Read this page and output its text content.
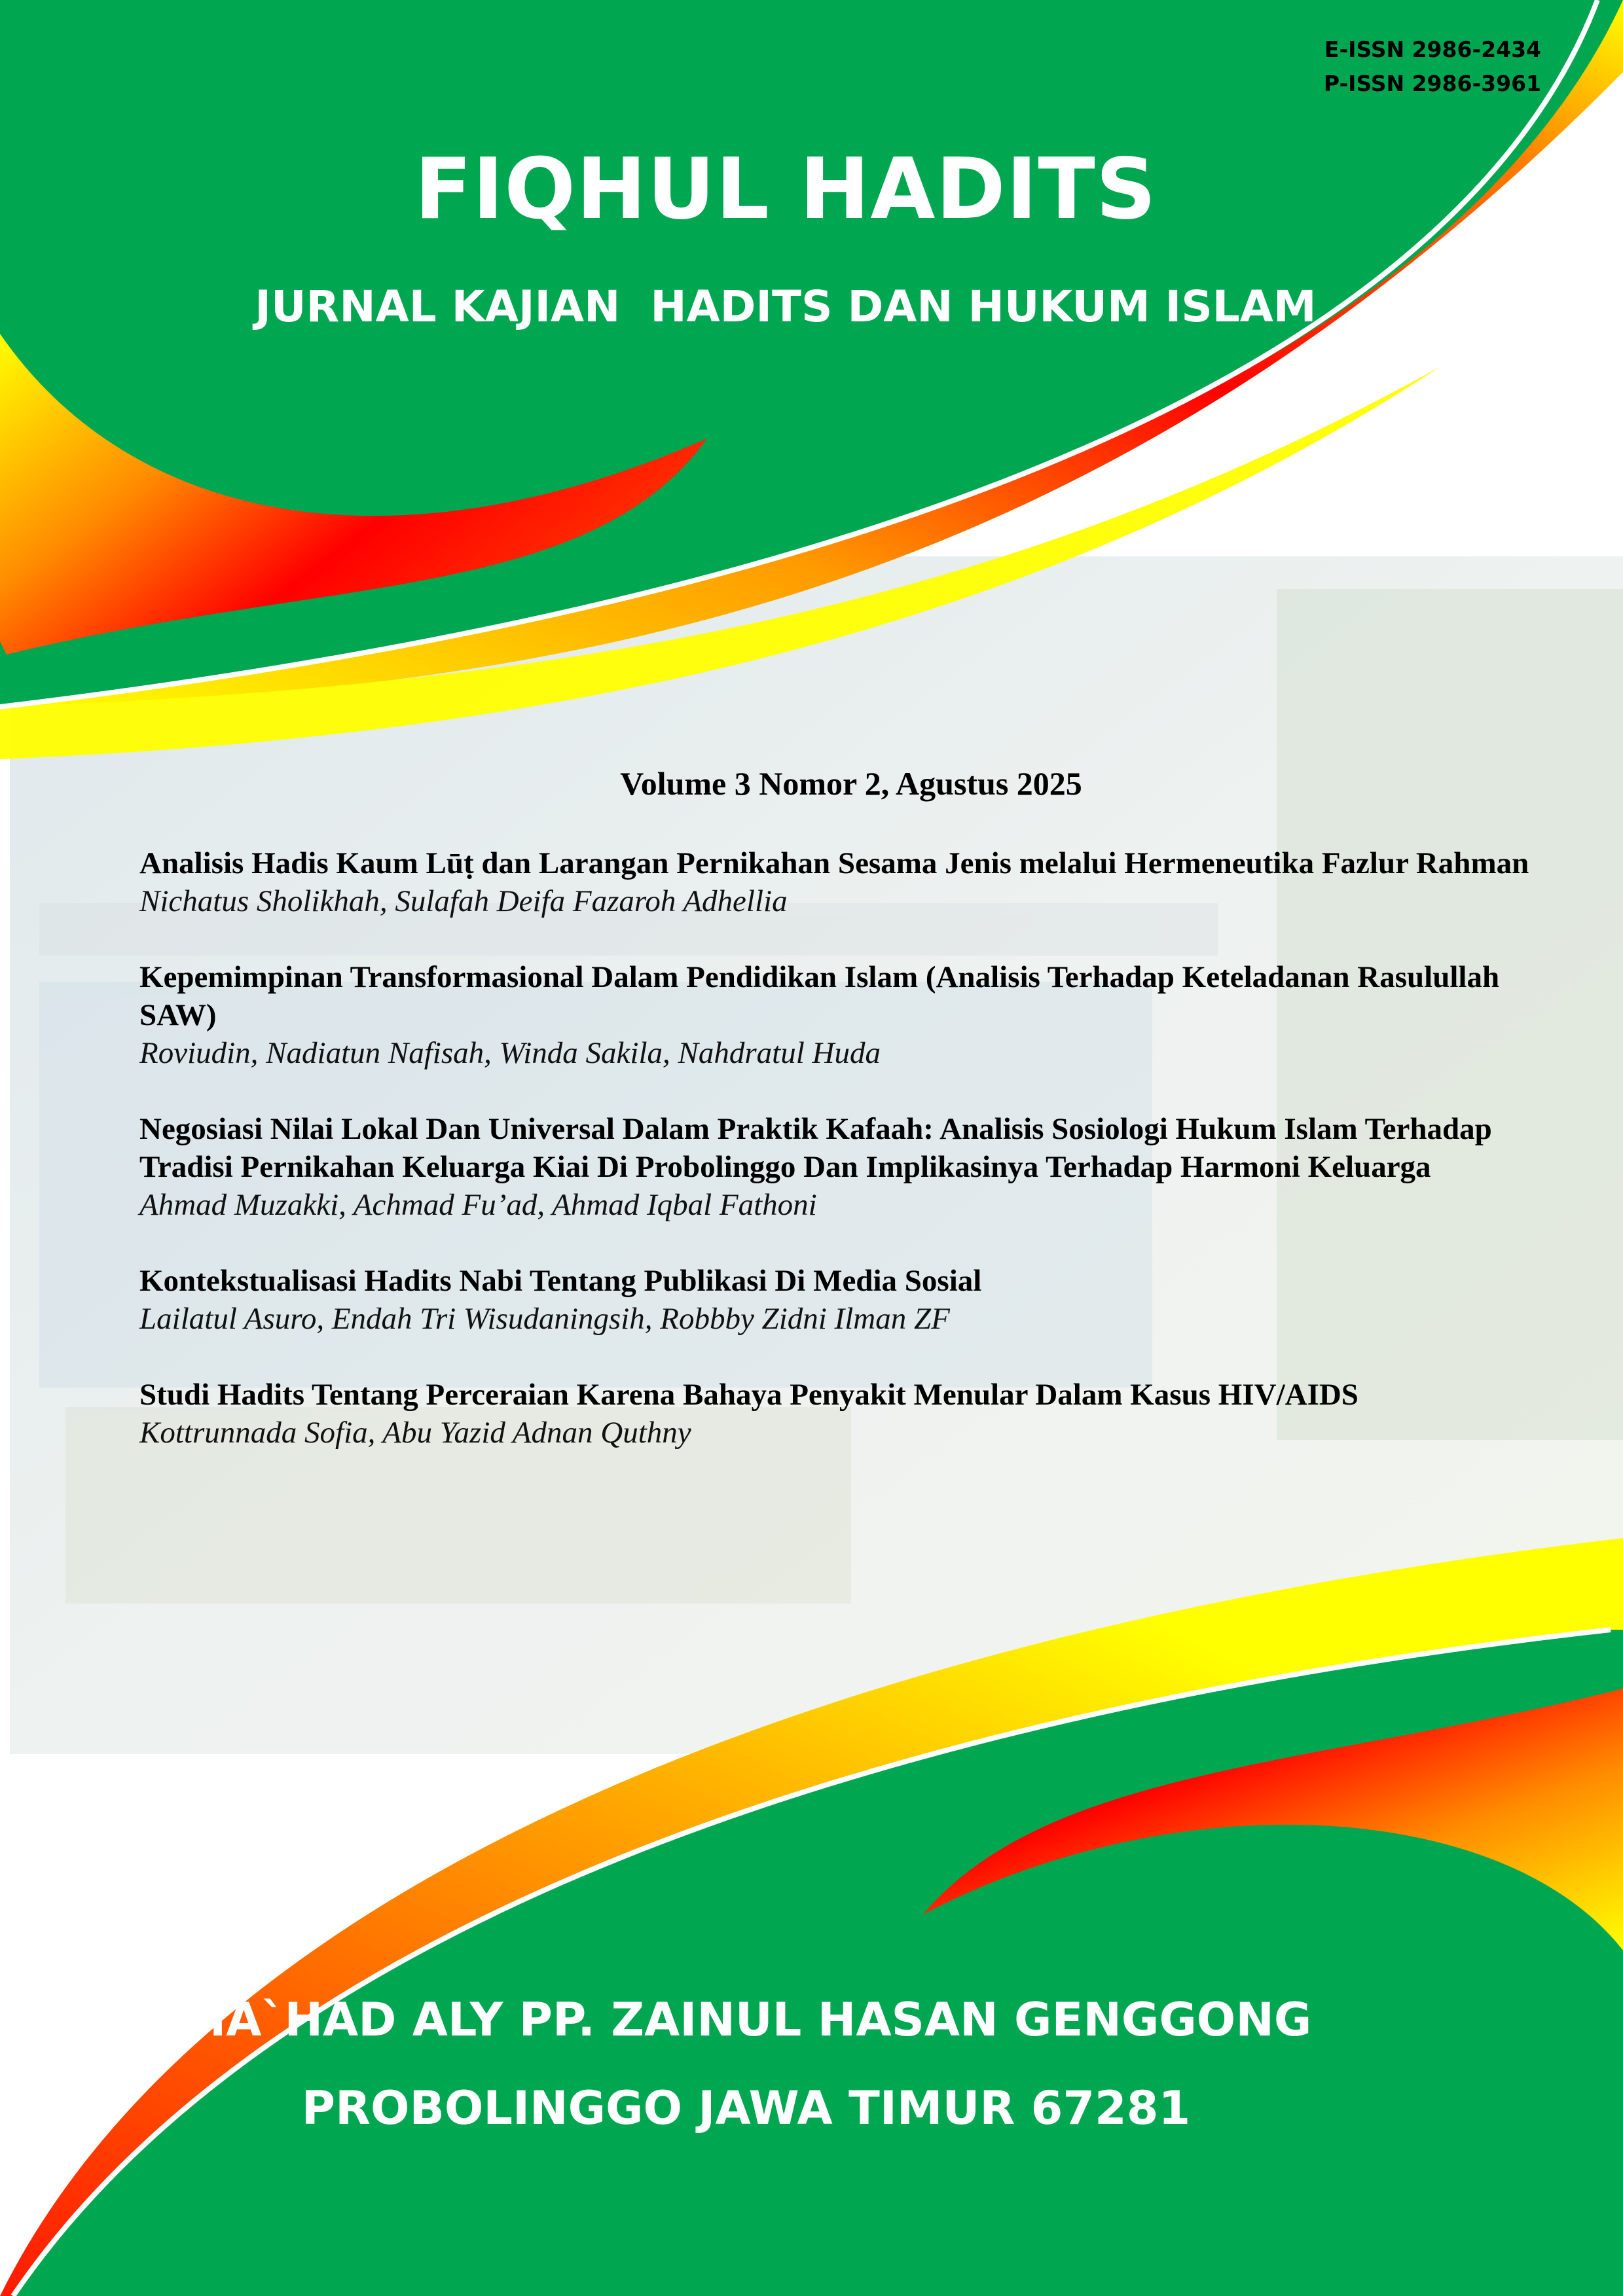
E-ISSN 2986-2434
P-ISSN 2986-3961
FIQHUL HADITS
JURNAL KAJIAN  HADITS DAN HUKUM ISLAM
Volume 3 Nomor 2, Agustus 2025
Analisis Hadis Kaum Lūṭ dan Larangan Pernikahan Sesama Jenis melalui Hermeneutika Fazlur Rahman
Nichatus Sholikhah, Sulafah Deifa Fazaroh Adhellia
Kepemimpinan Transformasional Dalam Pendidikan Islam (Analisis Terhadap Keteladanan Rasulullah SAW)
Roviudin, Nadiatun Nafisah, Winda Sakila, Nahdratul Huda
Negosiasi Nilai Lokal Dan Universal Dalam Praktik Kafaah: Analisis Sosiologi Hukum Islam Terhadap Tradisi Pernikahan Keluarga Kiai Di Probolinggo Dan Implikasinya Terhadap Harmoni Keluarga
Ahmad Muzakki, Achmad Fu’ad, Ahmad Iqbal Fathoni
Kontekstualisasi Hadits Nabi Tentang Publikasi Di Media Sosial
Lailatul Asuro, Endah Tri Wisudaningsih, Robbby Zidni Ilman ZF
Studi Hadits Tentang Perceraian Karena Bahaya Penyakit Menular Dalam Kasus HIV/AIDS
Kottrunnada Sofia, Abu Yazid Adnan Quthny
MA`HAD ALY PP. ZAINUL HASAN GENGGONG
PROBOLINGGO JAWA TIMUR 67281
